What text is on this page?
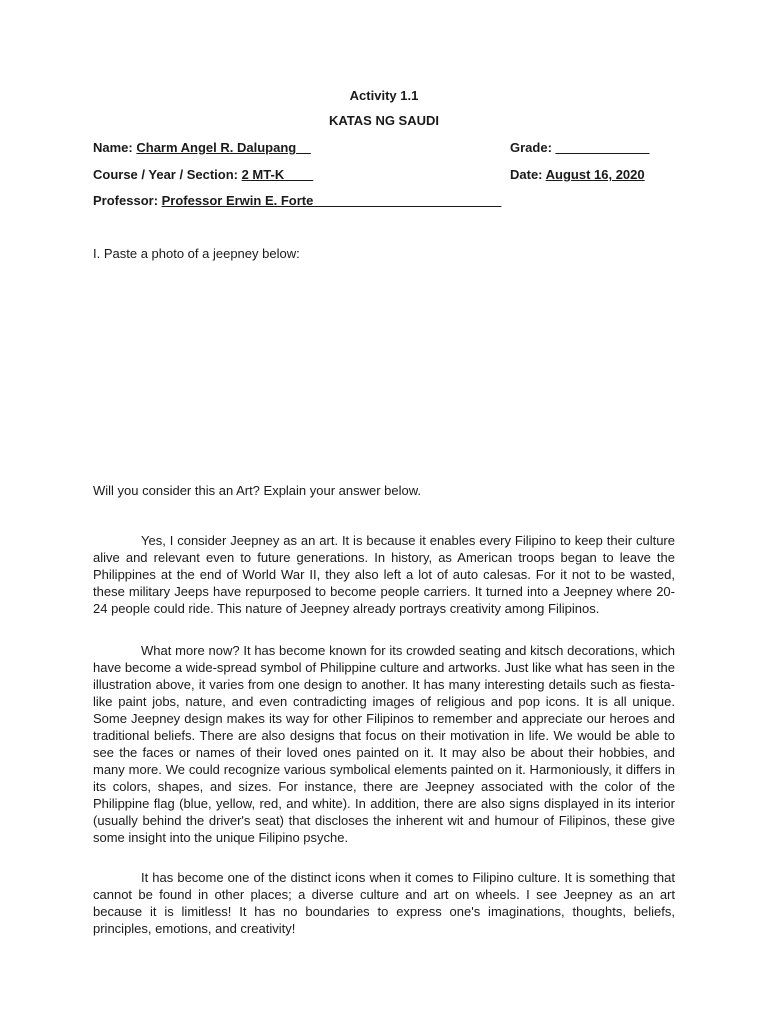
Activity 1.1
KATAS NG SAUDI
Name: Charm Angel R. Dalupang__	Grade: _____________
Course / Year / Section: 2 MT-K____	Date: August 16, 2020
Professor: Professor Erwin E. Forte__________________________
I. Paste a photo of a jeepney below:
Will you consider this an Art? Explain your answer below.

Yes, I consider Jeepney as an art. It is because it enables every Filipino to keep their culture alive and relevant even to future generations. In history, as American troops began to leave the Philippines at the end of World War II, they also left a lot of auto calesas. For it not to be wasted, these military Jeeps have repurposed to become people carriers. It turned into a Jeepney where 20-24 people could ride. This nature of Jeepney already portrays creativity among Filipinos.

What more now? It has become known for its crowded seating and kitsch decorations, which have become a wide-spread symbol of Philippine culture and artworks. Just like what has seen in the illustration above, it varies from one design to another. It has many interesting details such as fiesta-like paint jobs, nature, and even contradicting images of religious and pop icons. It is all unique. Some Jeepney design makes its way for other Filipinos to remember and appreciate our heroes and traditional beliefs. There are also designs that focus on their motivation in life. We would be able to see the faces or names of their loved ones painted on it. It may also be about their hobbies, and many more. We could recognize various symbolical elements painted on it. Harmoniously, it differs in its colors, shapes, and sizes. For instance, there are Jeepney associated with the color of the Philippine flag (blue, yellow, red, and white). In addition, there are also signs displayed in its interior (usually behind the driver's seat) that discloses the inherent wit and humour of Filipinos, these give some insight into the unique Filipino psyche.

It has become one of the distinct icons when it comes to Filipino culture. It is something that cannot be found in other places; a diverse culture and art on wheels. I see Jeepney as an art because it is limitless! It has no boundaries to express one's imaginations, thoughts, beliefs, principles, emotions, and creativity!
